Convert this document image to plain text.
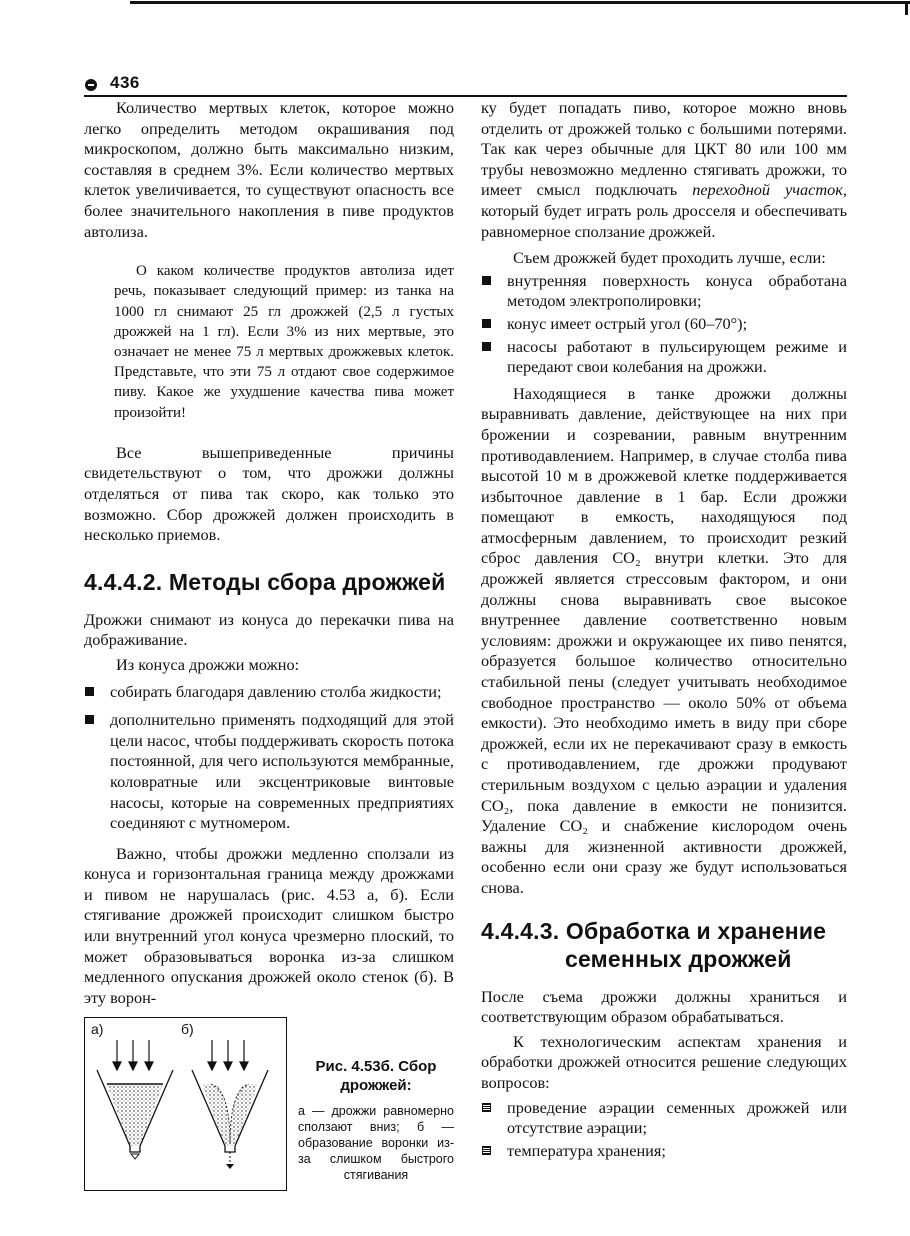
436

Количество мертвых клеток, которое можно легко определить методом окрашивания под микроскопом, должно быть максимально низким, составляя в среднем 3%. Если количество мертвых клеток увеличивается, то существуют опасность все более значительного накопления в пиве продуктов автолиза.

О каком количестве продуктов автолиза идет речь, показывает следующий пример: из танка на 1000 гл снимают 25 гл дрожжей (2,5 л густых дрожжей на 1 гл). Если 3% из них мертвые, это означает не менее 75 л мертвых дрожжевых клеток. Представьте, что эти 75 л отдают свое содержимое пиву. Какое же ухудшение качества пива может произойти!

Все вышеприведенные причины свидетельствуют о том, что дрожжи должны отделяться от пива так скоро, как только это возможно. Сбор дрожжей должен происходить в несколько приемов.

4.4.4.2. Методы сбора дрожжей

Дрожжи снимают из конуса до перекачки пива на дображивание.

Из конуса дрожжи можно:

собирать благодаря давлению столба жидкости;
дополнительно применять подходящий для этой цели насос, чтобы поддерживать скорость потока постоянной, для чего используются мембранные, коловратные или эксцентриковые винтовые насосы, которые на современных предприятиях соединяют с мутномером.

Важно, чтобы дрожжи медленно сползали из конуса и горизонтальная граница между дрожжами и пивом не нарушалась (рис. 4.53 а, б). Если стягивание дрожжей происходит слишком быстро или внутренний угол конуса чрезмерно плоский, то может образовываться воронка из-за слишком медленного опускания дрожжей около стенок (б). В эту ворон-

а)	б)
Рис. 4.53б. Сбор дрожжей:
а — дрожжи равномерно сползают вниз; б — образование воронки из-за слишком быстрого стягивания

ку будет попадать пиво, которое можно вновь отделить от дрожжей только с большими потерями. Так как через обычные для ЦКТ 80 или 100 мм трубы невозможно медленно стягивать дрожжи, то имеет смысл подключать переходной участок, который будет играть роль дросселя и обеспечивать равномерное сползание дрожжей.

Съем дрожжей будет проходить лучше, если:

внутренняя поверхность конуса обработана методом электрополировки;
конус имеет острый угол (60–70°);
насосы работают в пульсирующем режиме и передают свои колебания на дрожжи.

Находящиеся в танке дрожжи должны выравнивать давление, действующее на них при брожении и созревании, равным внутренним противодавлением. Например, в случае столба пива высотой 10 м в дрожжевой клетке поддерживается избыточное давление в 1 бар. Если дрожжи помещают в емкость, находящуюся под атмосферным давлением, то происходит резкий сброс давления CO₂ внутри клетки. Это для дрожжей является стрессовым фактором, и они должны снова выравнивать свое высокое внутреннее давление соответственно новым условиям: дрожжи и окружающее их пиво пенятся, образуется большое количество относительно стабильной пены (следует учитывать необходимое свободное пространство — около 50% от объема емкости). Это необходимо иметь в виду при сборе дрожжей, если их не перекачивают сразу в емкость с противодавлением, где дрожжи продувают стерильным воздухом с целью аэрации и удаления CO₂, пока давление в емкости не понизится. Удаление CO₂ и снабжение кислородом очень важны для жизненной активности дрожжей, особенно если они сразу же будут использоваться снова.

4.4.4.3. Обработка и хранение
семенных дрожжей

После съема дрожжи должны храниться и соответствующим образом обрабатываться.

К технологическим аспектам хранения и обработки дрожжей относится решение следующих вопросов:

проведение аэрации семенных дрожжей или отсутствие аэрации;
температура хранения;
